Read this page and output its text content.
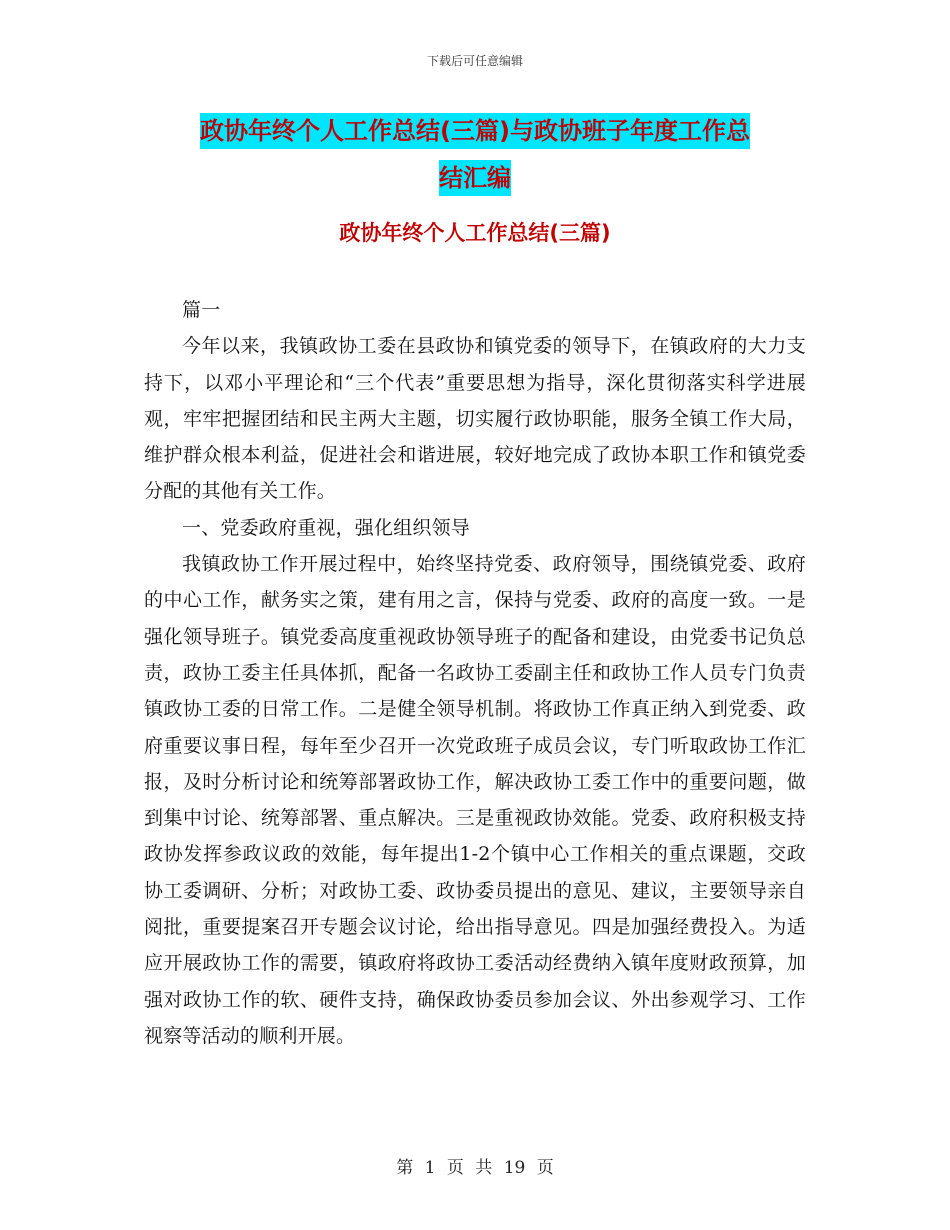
下载后可任意编辑
政协年终个人工作总结(三篇)与政协班子年度工作总
结汇编
政协年终个人工作总结(三篇)

篇一

今年以来，我镇政协工委在县政协和镇党委的领导下，在镇政府的大力支持下，以邓小平理论和“三个代表”重要思想为指导，深化贯彻落实科学进展观，牢牢把握团结和民主两大主题，切实履行政协职能，服务全镇工作大局，维护群众根本利益，促进社会和谐进展，较好地完成了政协本职工作和镇党委分配的其他有关工作。

一、党委政府重视，强化组织领导

我镇政协工作开展过程中，始终坚持党委、政府领导，围绕镇党委、政府的中心工作，献务实之策，建有用之言，保持与党委、政府的高度一致。一是强化领导班子。镇党委高度重视政协领导班子的配备和建设，由党委书记负总责，政协工委主任具体抓，配备一名政协工委副主任和政协工作人员专门负责镇政协工委的日常工作。二是健全领导机制。将政协工作真正纳入到党委、政府重要议事日程，每年至少召开一次党政班子成员会议，专门听取政协工作汇报，及时分析讨论和统筹部署政协工作，解决政协工委工作中的重要问题，做到集中讨论、统筹部署、重点解决。三是重视政协效能。党委、政府积极支持政协发挥参政议政的效能，每年提出1-2个镇中心工作相关的重点课题，交政协工委调研、分析；对政协工委、政协委员提出的意见、建议，主要领导亲自阅批，重要提案召开专题会议讨论，给出指导意见。四是加强经费投入。为适应开展政协工作的需要，镇政府将政协工委活动经费纳入镇年度财政预算，加强对政协工作的软、硬件支持，确保政协委员参加会议、外出参观学习、工作视察等活动的顺利开展。

第 1 页 共 19 页
